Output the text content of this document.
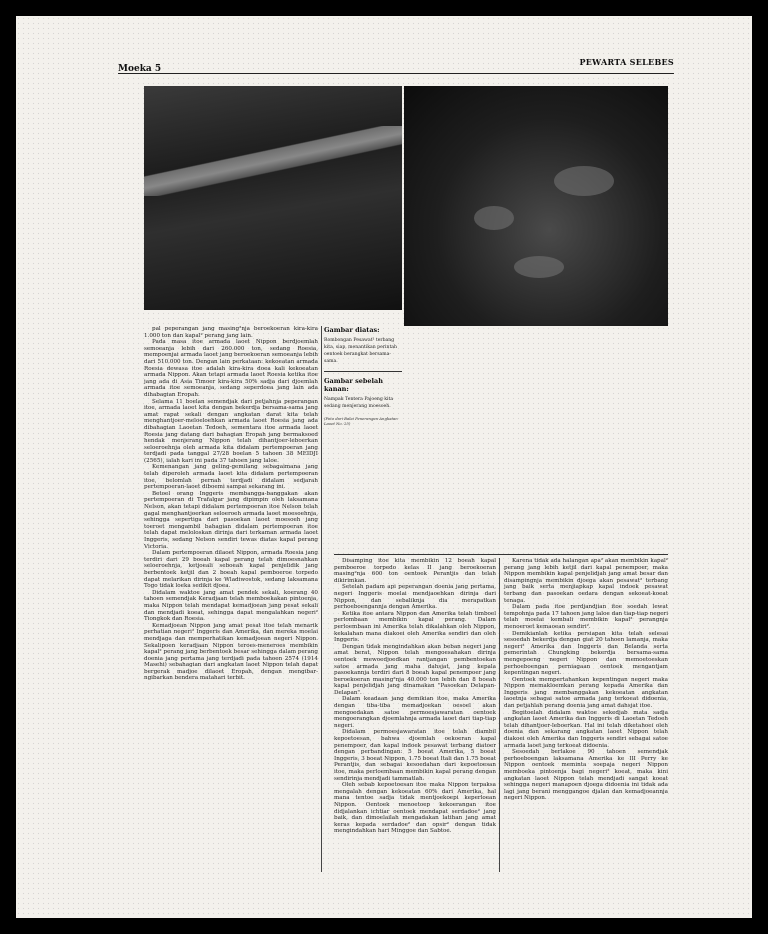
Moeka 5
PEWARTA SELEBES
Gambar diatas:
Rombongan Pesawat² terbang kita, siap, menantikan perintah oentoek berangkat bersama-sama.
Gambar sebelah kanan:
Nampak Tentera Pajoeng kita sedang menjerang moesoeh.
(Foto dari Balai Penerangan Angkatan Laoet No. 25)

pal peperangan jang masing²nja beroekoeran kira-kira 1.000 ton dan kapal² perang jang lain.

Pada masa itoe armada laoet Nippon berdjoemlah semoeanja lebih dari 260.000 ton, sedang Roesia, mempoenjai armada laoet jang beroekoeran semoeanja lebih dari 510.000 ton. Dengan lain perkataan: kekoeatan armada Roesia dewasa itoe adalah kira-kira doea kali kekoeatan armada Nippon. Akan tetapi armada laoet Roesia ketika itoe jang ada di Asia Timoer kira-kira 50% sadja dari djoemlah armada itoe semoeanja, sedang seperdoea jang lain ada dihabagian Eropah.

Selama 11 boelan semendjak dari petjahnja peperangan itoe, armada laoet kita dengan bekerdja bersama-sama jang amat rapat sekali dengan angkatan darat kita telah menghantjoer-meloeloehkan armada laoet Roesia jang ada dibahagian Laoetan Tedoeh, sementara itoe armada laoet Roesia jang datang dari bahagian Eropah jang bermaksoed hendak menjerang Nippon telah dihantjoer-leboerkan seloeroehnja oleh armada kita didalam pertempoeran jang terdjadi pada tanggal 27/28 boelan 5 tahoen 38 MEIDJI (2565), ialah kari ini pada 37 tahoen jang laloe.

Kemenangan jang geling-gemilang sebagaimana jang telah diperoleh armada laoet kita didalam pertempoeran itoe, belomlah pernah terdjadi didalam sedjarah pertempoeran-laoet diboemi sampai sekarang ini.

Betoel orang Inggeris membangga-banggakan akan pertempoeran di Trafalgar jang dipimpin oleh laksamana Nelson, akan tetapi didalam pertempoeran itoe Nelson telah gagal menghantjoerkan seloeroeh armada laoet moesoehnja, sehingga sepertiga dari pasoekan laoet moesoeh jang toeroet mengambil bahagian didalam pertempoeran itoe telah dapat meloloskan dirinja dari terkaman armada laoet Inggeris, sedang Nelson sendiri tewas diatas kapal perang Victoria.

Dalam pertempoeran dilaoet Nippon, armada Roesia jang terdiri dari 29 boeah kapal perang telah dimoesnahkan seloeroehnja, ketjoeali seboeah kapal penjelidik jang berbentoek ketjil dan 2 boeah kapal pemboeroe torpedo dapat melarikan dirinja ke Wladiwostok, sedang laksamana Togo tidak loeka sedikit djoea.

Didalam waktoe jang amat pendek sekali, koerang 40 tahoen semendjak Keradjaan telah memboekakan pintoenja, maka Nippon telah mendapat kemadjoean jang pesat sekali dan mendjadi koeat, sehingga dapat mengalahkan negeri² Tiongkok dan Roesia.

Kemadjoean Nippon jang amat pesat itoe telah menarik perhatian negeri² Inggeris dan Amerika, dan mereka moelai mendjaga dan memperhatikan kemadjoean negeri Nippon. Sekalipoen keradjaan Nippon teroes-meneroes membikin kapal² perang jang berbentoek besar sehingga dalam perang doenia jang pertama jang terdjadi pada tahoen 2574 (1914 Masehi) sebahagian dari angkatan laoet Nippon telah dapat bergerak madjoe dilaoet Eropah, dengan mengibar-ngibarkan bendera matahari terbit.

Disamping itoe kita membikin 12 boeah kapal pemboeroe torpedo kelas II jang beroekoeran masing²nja 600 ton oentoek Perantjis dan telah dikirimkan.

Setelah padam api peperangan doenia jang pertama, negeri Inggeris moelai mendjaoehkan dirinja dari Nippon, dan sebaliknja dia merapatkan perhoeboengannja dengan Amerika.

Ketika itoe antara Nippon dan Amerika telah timboel perlombaan membikin kapal perang. Dalam perloembaan ini Amerika telah dikalahkan oleh Nippon, kekalahan mana diakoei oleh Amerika sendiri dan oleh Inggeris.

Dengan tidak mengindahkan akan beban negeri jang amat berat, Nippon telah mengoesahakan dirinja oentoek mewoedjoedkan rantjangan pembentoekan satoe armada jang maha dahsjat, jang kepala pasoekannja terdiri dari 8 boeah kapal penempoer jang beroekoeran masing²nja 40.000 ton lebih dan 8 boeah kapal penjelidjah jang dinamakan "Pasoekan Delapan-Delapan".

Dalam keadaan jang demikian itoe, maka Amerika dengan tiba-tiba memadjoekan oesoel akan mengoedakan satoe permoesjawaratan oentoek mengoerangkan djoemlahnja armada laoet dari tiap-tiap negeri.

Didalam permoesjawaratan itoe telah diambil kepoetoesan, bahwa djoemlah oekoeran kapal penempoer, dan kapal indoek pesawat terbang diatoer dengan perbandingan: 5 boeat Amerika, 5 boeat Inggeris, 3 boeat Nippon, 1.75 boeat Itali dan 1.75 boeat Perantjis, dan sebagai kesoedahan dari kepoetoesan itoe, maka perloembaan membikin kapal perang dengan sendirinja mendjadi tammatlah.

Oleh sebab kepoetoesan itoe maka Nippon terpaksa mengalah dengan kekoeatan 60% dari Amerika, hal mana tentoe sadja tidak mentjoekoepi keperloean Nippon. Oentoek menoetoep kekoerangan itoe didjalankan ichtiar oentoek mendapat serdadoe² jang baik, dan dimoelailah mengadakan latihan jang amat keras kepada serdadoe² dan opsir² dengan tidak mengindahkan hari Minggoe dan Sabtoe.

Karena tidak ada halangan apa² akan membikin kapal² perang jang lebih ketjil dari kapal penempoer, maka Nippon membikin kapal penjelidjah jang amat besar dan disampingnja membikin djoega akan pesawat² terbang jang baik serta menjiapkap kapal indoek pesawat terbang dan pasoekan oedara dengan sekoeat-koeat tenaga.

Dalam pada itoe perdjandjian itoe soedah lewat tempohnja pada 17 tahoen jang laloe dan tiap-tiap negeri telah moelai kembali membikin kapal² perangnja menoeroet kemaoean sendiri².

Demikianlah ketika persiapan kita telah selesai sesoedah bekerdja dengan giat 20 tahoen lamanja, maka negeri² Amerika dan Inggeris dan Belanda serta pemerintah Chungking bekerdja bersama-sama mengepoeng negeri Nippon dan memoetoeskan perhoeboengan perniagaan oentoek mengantjam kepentingan negeri.

Oentoek mempertahankan kepentingan negeri maka Nippon memakloemkan perang kepada Amerika dan Inggeris jang membanggakan kekoeatan angkatan laoetnja sebagai satoe armada jang terkoeat didoenia, dan petjahlah perang doenia jang amat dahsjat itoe.

Begitoelah didalam waktoe sekedjab mata sadja angkatan laoet Amerika dan Inggeris di Laoetan Tedoeh telah dihantjoer-leboerkan. Hal ini telah diketahoei oleh doenia dan sekarang angkatan laoet Nippon telah diakoei oleh Amerika dan Inggeris sendiri sebagai satoe armada laoet jang terkoeat didoenia.

Sesoedah berlakoe 90 tahoen semendjak perhoeboengan laksamana Amerika ke III Perry ke Nippon oentoek meminta soepaja negeri Nippon memboeka pintoenja bagi negeri² koeat, maka kini angkatan laoet Nippon telah mendjadi sangat koeat sehingga negeri manapoen djoega didoenia ini tidak ada lagi jang berani menggangoe djalan dan kemadjoeannja negeri Nippon.
